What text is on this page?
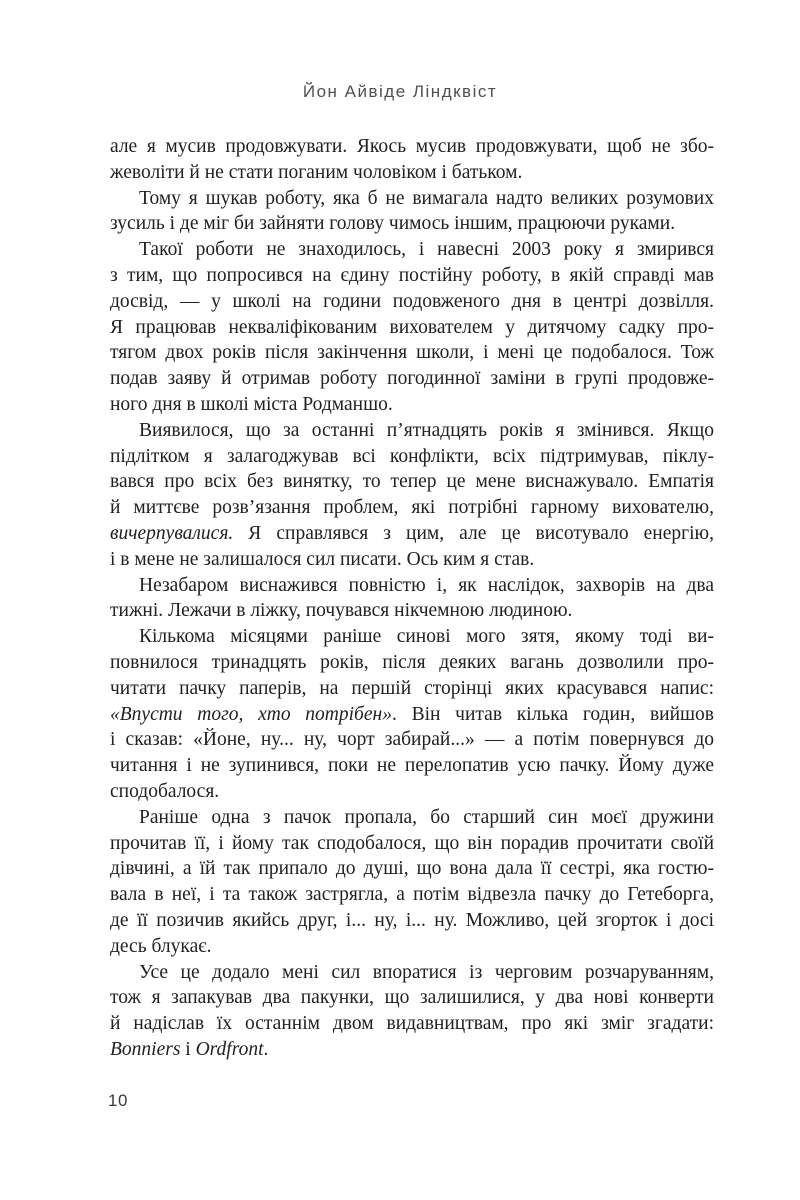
Йон Айвіде Ліндквіст
але я мусив продовжувати. Якось мусив продовжувати, щоб не збо-
жеволіти й не стати поганим чоловіком і батьком.
Тому я шукав роботу, яка б не вимагала надто великих розумових
зусиль і де міг би зайняти голову чимось іншим, працюючи руками.
Такої роботи не знаходилось, і навесні 2003 року я змирився
з тим, що попросився на єдину постійну роботу, в якій справді мав
досвід, — у школі на години подовженого дня в центрі дозвілля.
Я працював некваліфікованим вихователем у дитячому садку про-
тягом двох років після закінчення школи, і мені це подобалося. Тож
подав заяву й отримав роботу погодинної заміни в групі продовже-
ного дня в школі міста Родманшо.
Виявилося, що за останні п’ятнадцять років я змінився. Якщо
підлітком я залагоджував всі конфлікти, всіх підтримував, піклу-
вався про всіх без винятку, то тепер це мене виснажувало. Емпатія
й миттєве розв’язання проблем, які потрібні гарному вихователю,
вичерпувалися. Я справлявся з цим, але це висотувало енергію,
і в мене не залишалося сил писати. Ось ким я став.
Незабаром виснажився повністю і, як наслідок, захворів на два
тижні. Лежачи в ліжку, почувався нікчемною людиною.
Кількома місяцями раніше синові мого зятя, якому тоді ви-
повнилося тринадцять років, після деяких вагань дозволили про-
читати пачку паперів, на першій сторінці яких красувався напис:
«Впусти того, хто потрібен». Він читав кілька годин, вийшов
і сказав: «Йоне, ну... ну, чорт забирай...» — а потім повернувся до
читання і не зупинився, поки не перелопатив усю пачку. Йому дуже
сподобалося.
Раніше одна з пачок пропала, бо старший син моєї дружини
прочитав її, і йому так сподобалося, що він порадив прочитати своїй
дівчині, а їй так припало до душі, що вона дала її сестрі, яка гостю-
вала в неї, і та також застрягла, а потім відвезла пачку до Гетеборга,
де її позичив якийсь друг, і... ну, і... ну. Можливо, цей згорток і досі
десь блукає.
Усе це додало мені сил впоратися із черговим розчаруванням,
тож я запакував два пакунки, що залишилися, у два нові конверти
й надіслав їх останнім двом видавництвам, про які зміг згадати:
Bonniers і Ordfront.
10
